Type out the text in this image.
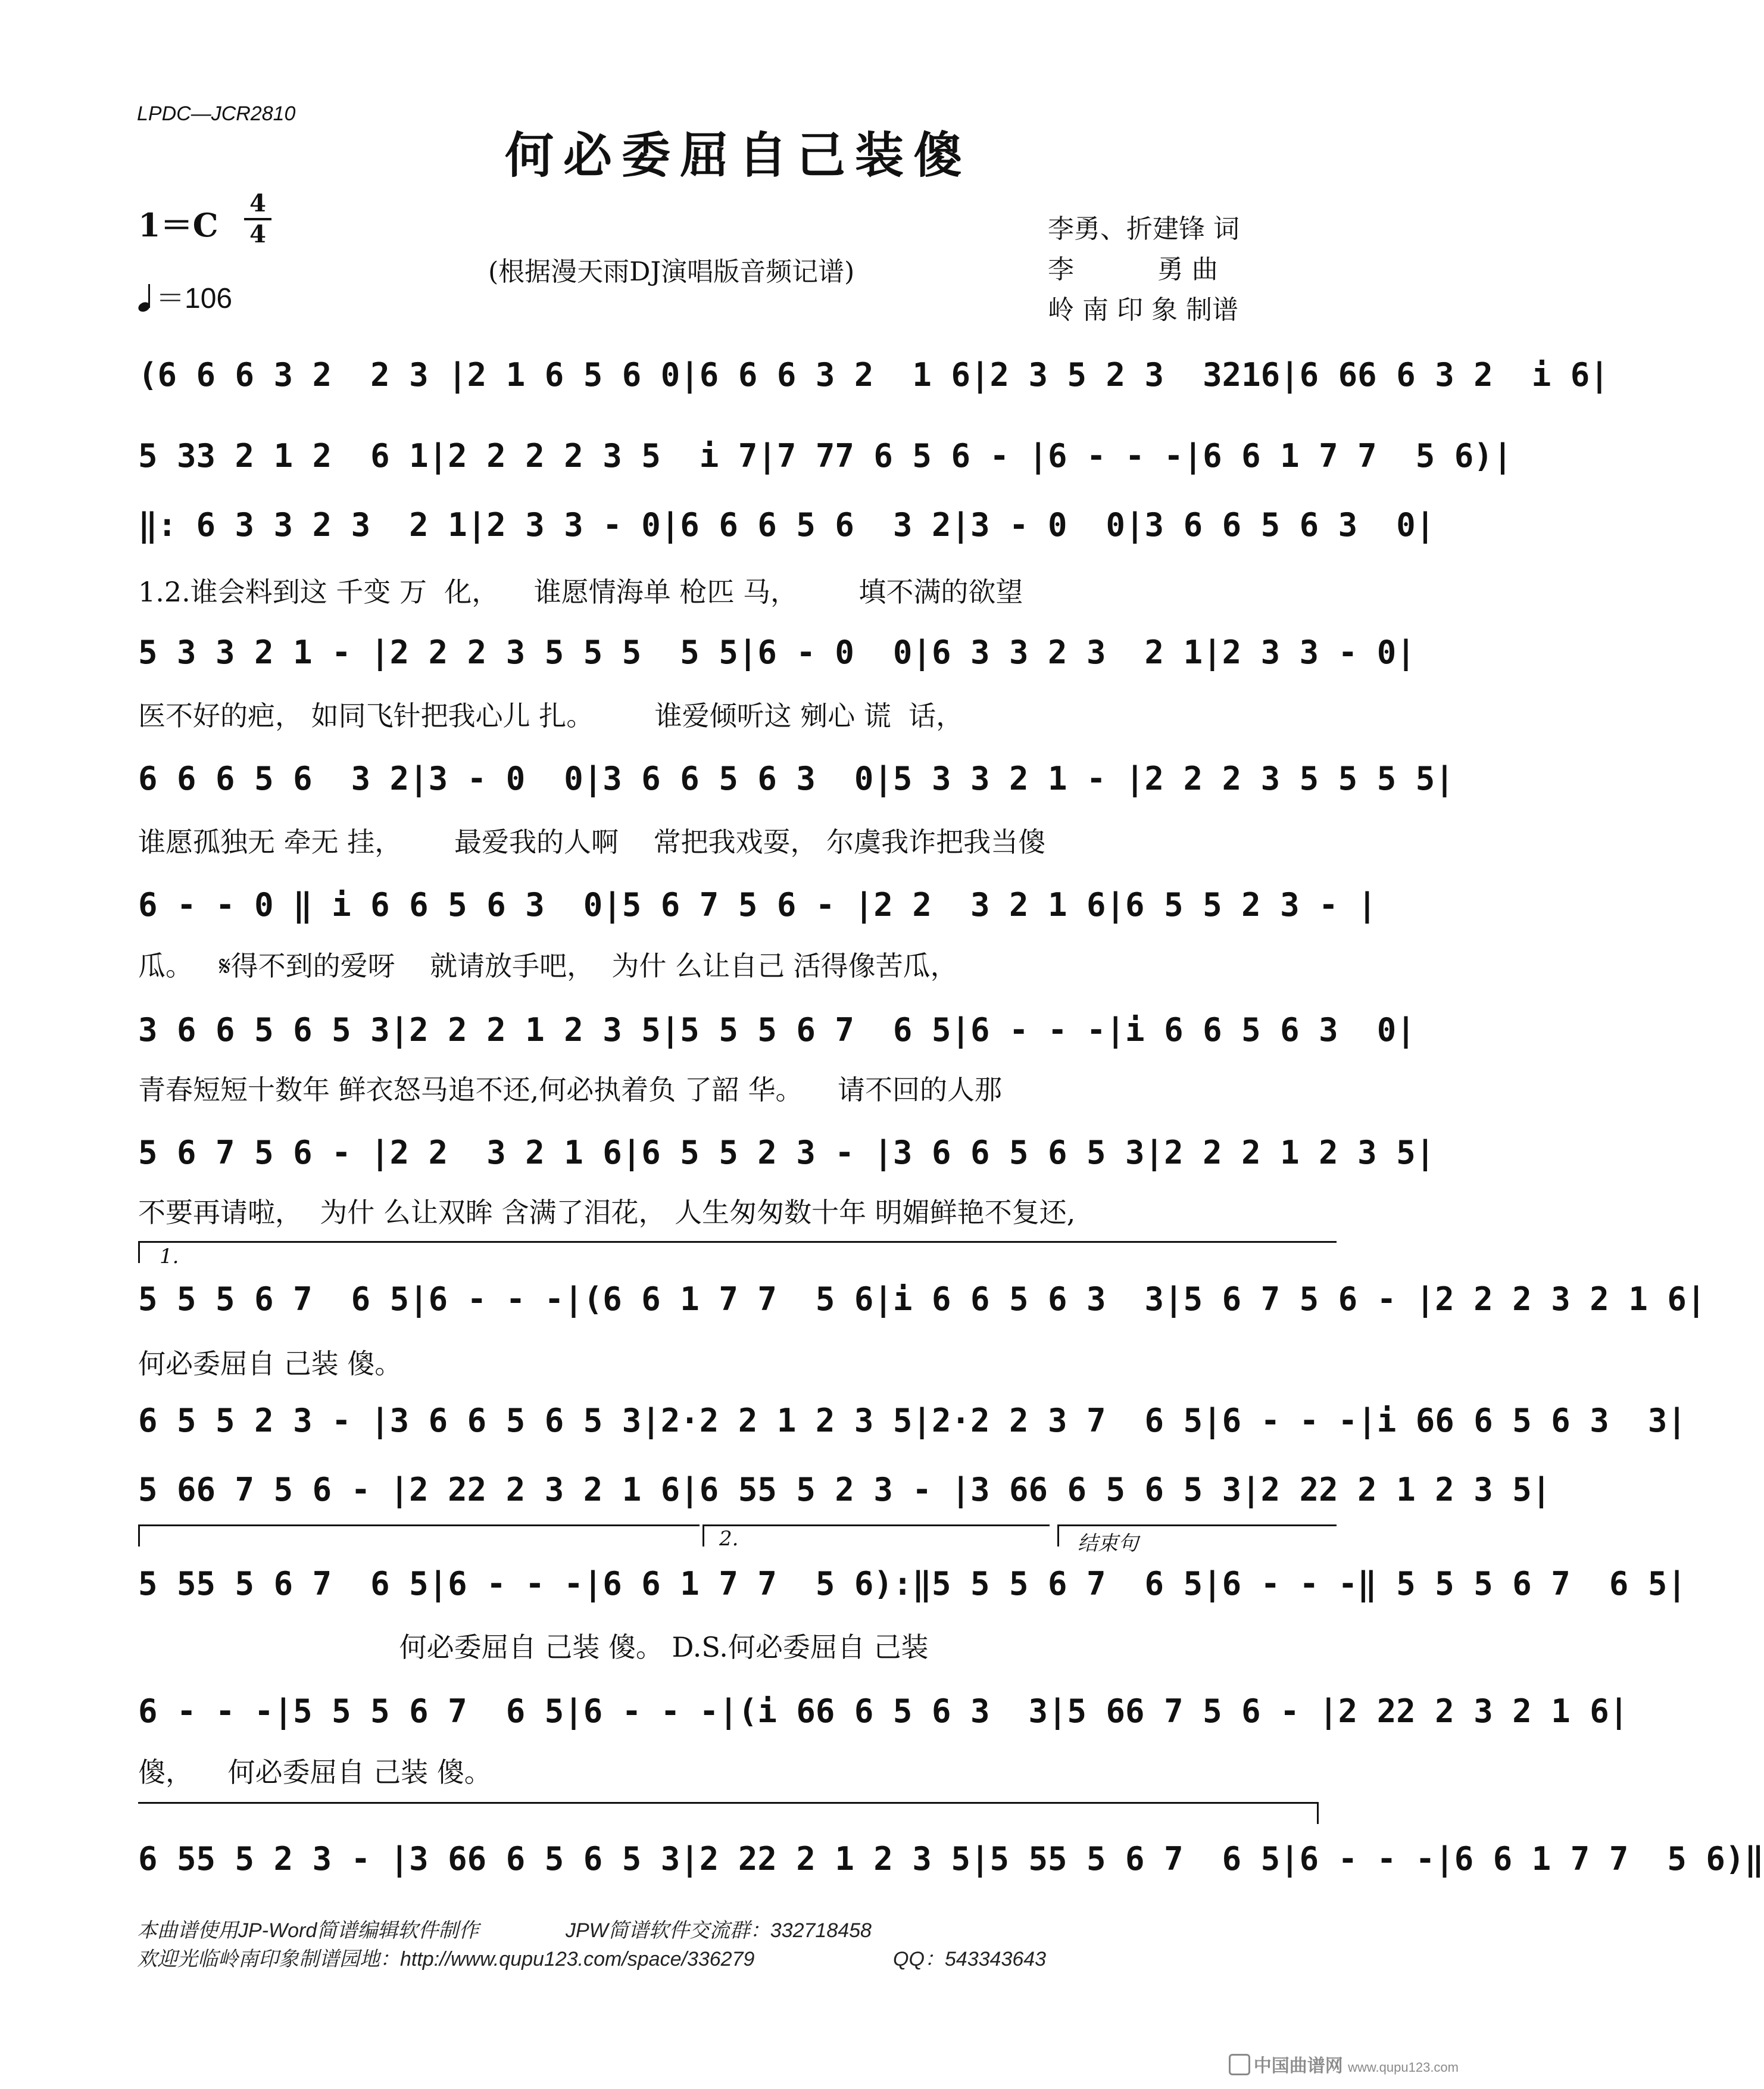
LPDC—JCR2810
何必委屈自己装傻
1＝C
4
4
＝106
(根据漫天雨DJ演唱版音频记谱)
李勇、折建锋 词
李          勇 曲
岭 南 印 象 制谱
(6 6 6 3 2  2 3 |2 1 6 5 6 0|6 6 6 3 2  1 6|2 3 5 2 3  3216|6 66 6 3 2  i 6|
5 33 2 1 2  6 1|2 2 2 2 3 5  i 7|7 77 6 5 6 - |6 - - -|6 6 1 7 7  5 6)|
‖: 6 3 3 2 3  2 1|2 3 3 - 0|6 6 6 5 6  3 2|3 - 0  0|3 6 6 5 6 3  0|
1.2.谁会料到这 千变 万  化，    谁愿情海单 枪匹 马，       填不满的欲望
5 3 3 2 1 - |2 2 2 3 5 5 5  5 5|6 - 0  0|6 3 3 2 3  2 1|2 3 3 - 0|
医不好的疤， 如同飞针把我心儿 扎。       谁爱倾听这 剜心 谎  话，
6 6 6 5 6  3 2|3 - 0  0|3 6 6 5 6 3  0|5 3 3 2 1 - |2 2 2 3 5 5 5 5|
谁愿孤独无 牵无 挂，      最爱我的人啊    常把我戏耍， 尔虞我诈把我当傻
6 - - 0 ‖ i 6 6 5 6 3  0|5 6 7 5 6 - |2 2  3 2 1 6|6 5 5 2 3 - |
瓜。   𝄋得不到的爱呀    就请放手吧，  为什 么让自己 活得像苦瓜，
3 6 6 5 6 5 3|2 2 2 1 2 3 5|5 5 5 6 7  6 5|6 - - -|i 6 6 5 6 3  0|
青春短短十数年 鲜衣怒马追不还,何必执着负 了韶 华。    请不回的人那
5 6 7 5 6 - |2 2  3 2 1 6|6 5 5 2 3 - |3 6 6 5 6 5 3|2 2 2 1 2 3 5|
不要再请啦，  为什 么让双眸 含满了泪花， 人生匆匆数十年 明媚鲜艳不复还,
1.
5 5 5 6 7  6 5|6 - - -|(6 6 1 7 7  5 6|i 6 6 5 6 3  3|5 6 7 5 6 - |2 2 2 3 2 1 6|
何必委屈自 己装 傻。
6 5 5 2 3 - |3 6 6 5 6 5 3|2·2 2 1 2 3 5|2·2 2 3 7  6 5|6 - - -|i 66 6 5 6 3  3|
5 66 7 5 6 - |2 22 2 3 2 1 6|6 55 5 2 3 - |3 66 6 5 6 5 3|2 22 2 1 2 3 5|
2.	结束句
5 55 5 6 7  6 5|6 - - -|6 6 1 7 7  5 6):‖5 5 5 6 7  6 5|6 - - -‖ 5 5 5 6 7  6 5|
何必委屈自 己装 傻。 D.S.何必委屈自 己装
6 - - -|5 5 5 6 7  6 5|6 - - -|(i 66 6 5 6 3  3|5 66 7 5 6 - |2 22 2 3 2 1 6|
傻，    何必委屈自 己装 傻。
6 55 5 2 3 - |3 66 6 5 6 5 3|2 22 2 1 2 3 5|5 55 5 6 7  6 5|6 - - -|6 6 1 7 7  5 6)‖
本曲谱使用JP-Word简谱编辑软件制作	JPW简谱软件交流群：332718458
欢迎光临岭南印象制谱园地：http://www.qupu123.com/space/336279	QQ：543343643
中国曲谱网 www.qupu123.com
